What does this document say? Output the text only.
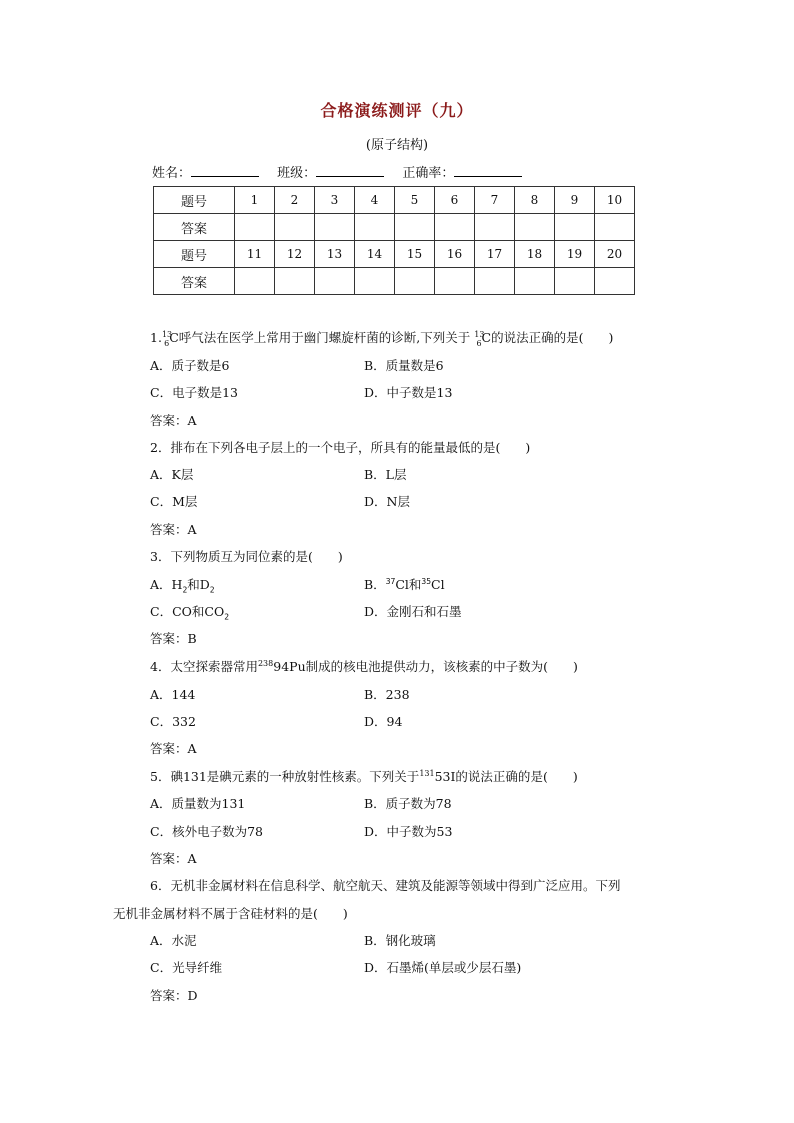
合格演练测评（九）
(原子结构)
姓名：	班级：	正确率：
题号	1	2	3	4	5	6	7	8	9	10
答案										
题号	11	12	13	14	15	16	17	18	19	20
答案										
$1.13_6C$呼气法在医学上常用于幽门螺旋杆菌的诊断,下列关于 $^{13}_6$C的说法正确的是(　　)
A．质子数是6	B．质量数是6
C．电子数是13	D．中子数是13
答案：A
2．排布在下列各电子层上的一个电子，所具有的能量最低的是(　　)
A．K层	B．L层
C．M层	D．N层
答案：A
3．下列物质互为同位素的是(　　)
A．$H_2$和$D_2$	B．$^{37}$Cl和$^{35}$Cl
C．CO和$CO_2$	D．金刚石和石墨
答案：B
4．太空探索器常用$^{238}$94Pu制成的核电池提供动力，该核素的中子数为(　　)
A．144	B．238
C．332	D．94
答案：A
5．碘131是碘元素的一种放射性核素。下列关于$^{131}$53I的说法正确的是(　　)
A．质量数为131	B．质子数为78
C．核外电子数为78	D．中子数为53
答案：A
6．无机非金属材料在信息科学、航空航天、建筑及能源等领域中得到广泛应用。下列
无机非金属材料不属于含硅材料的是(　　)
A．水泥	B．钢化玻璃
C．光导纤维	D．石墨烯(单层或少层石墨)
答案：D
